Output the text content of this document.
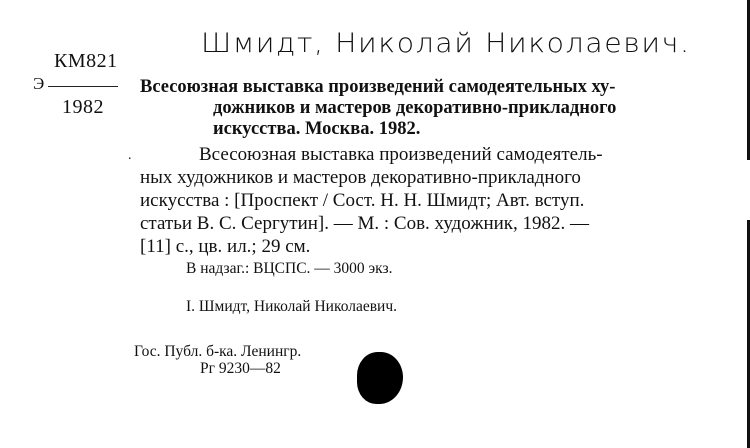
КМ821
Э
1982
Шмидт, Николай Николаевич.
Всесоюзная выставка произведений самодеятельных ху-
дожников и мастеров декоративно-прикладного
искусства. Москва. 1982.
.	Всесоюзная выставка произведений самодеятель-
ных художников и мастеров декоративно-прикладного
искусства : [Проспект / Сост. Н. Н. Шмидт; Авт. вступ.
статьи В. С. Сергутин]. — М. : Сов. художник, 1982. —
[11] с., цв. ил.; 29 см.
В надзаг.: ВЦСПС. — 3000 экз.
I. Шмидт, Николай Николаевич.
Гос. Публ. б-ка. Ленингр.
Рг 9230—82
